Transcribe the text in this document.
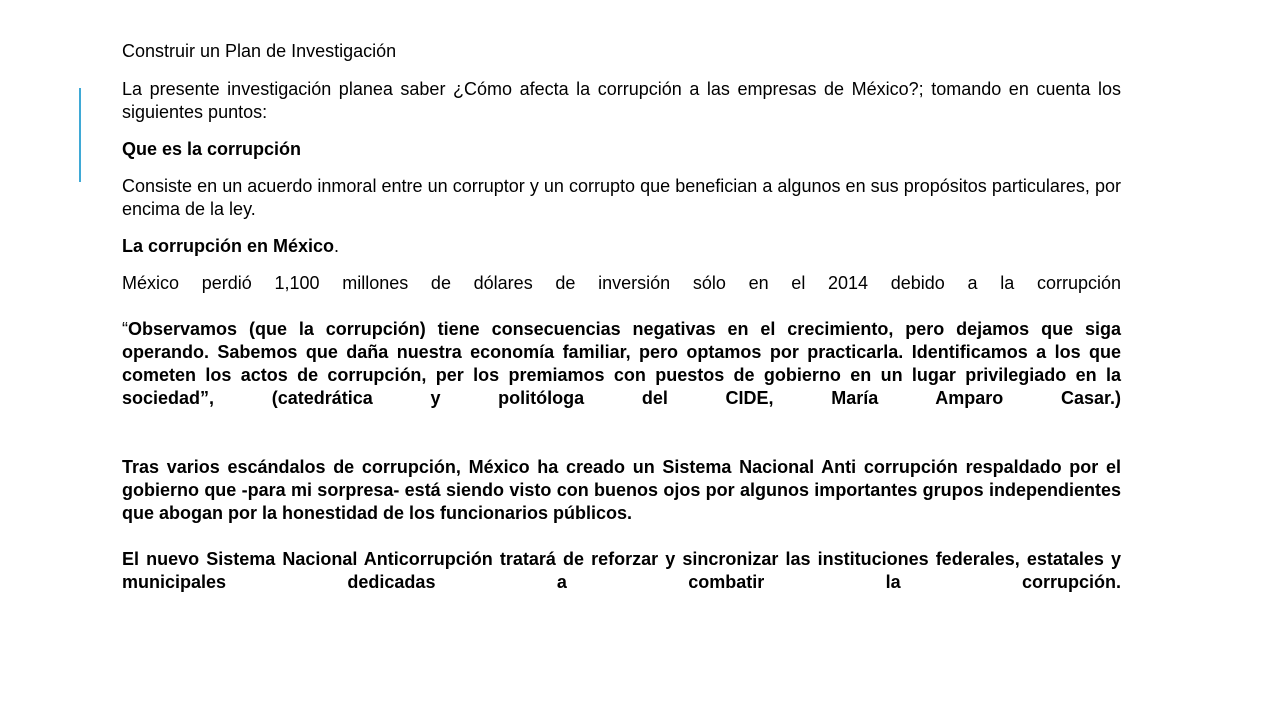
Construir un Plan de Investigación

La presente investigación planea saber ¿Cómo afecta la corrupción a las empresas de México?; tomando en cuenta los siguientes puntos:

Que es la corrupción

Consiste en un acuerdo inmoral entre un corruptor y un corrupto que benefician a algunos en sus propósitos particulares, por encima de la ley.

La corrupción en México.

México perdió 1,100 millones de dólares de inversión sólo en el 2014 debido a la corrupción

“Observamos (que la corrupción) tiene consecuencias negativas en el crecimiento, pero dejamos que siga operando. Sabemos que daña nuestra economía familiar, pero optamos por practicarla. Identificamos a los que cometen los actos de corrupción, per los premiamos con puestos de gobierno en un lugar privilegiado en la sociedad”,	(catedrática y politóloga del CIDE, María Amparo Casar.)

Tras varios escándalos de corrupción, México ha creado un Sistema Nacional Anti corrupción respaldado por el gobierno que -para mi sorpresa- está siendo visto con buenos ojos por algunos importantes grupos independientes que abogan por la honestidad de los funcionarios públicos.

El nuevo Sistema Nacional Anticorrupción tratará de reforzar y sincronizar las instituciones federales, estatales y municipales dedicadas a combatir la corrupción.
